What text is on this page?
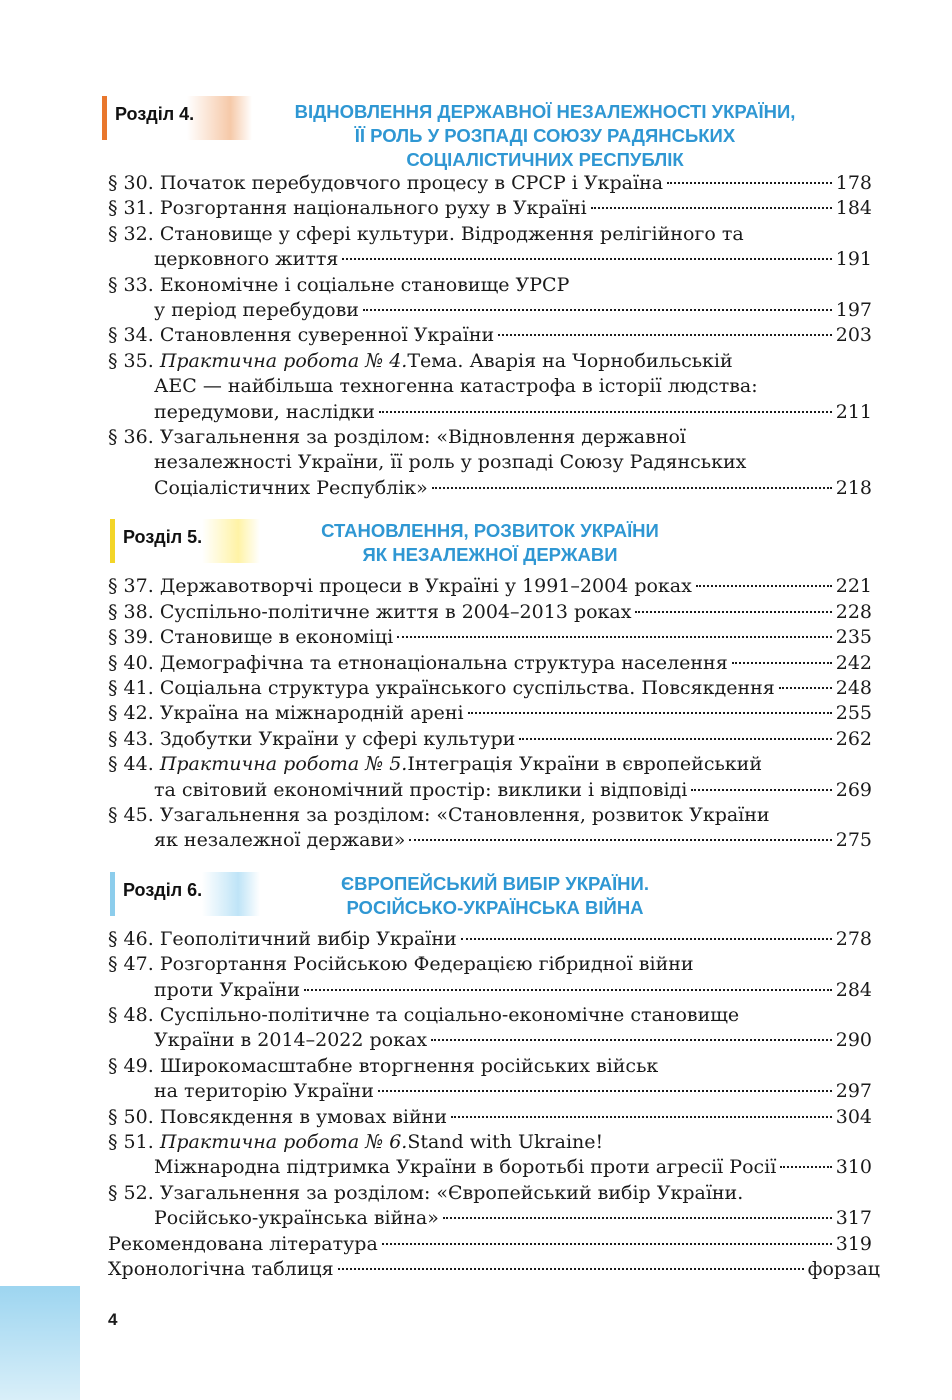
4
Розділ 4.	ВІДНОВЛЕННЯ ДЕРЖАВНОЇ НЕЗАЛЕЖНОСТІ УКРАЇНИ,
ЇЇ РОЛЬ У РОЗПАДІ СОЮЗУ РАДЯНСЬКИХ
СОЦІАЛІСТИЧНИХ РЕСПУБЛІК
§ 30.
Початок перебудовчого процесу в СРСР і Україна	178
§ 31.
Розгортання національного руху в Україні	184
§ 32.
Становище у сфері культури. Відродження релігійного та
церковного життя	191
§ 33.
Економічне і соціальне становище УРСР
у період перебудови	197
§ 34.
Становлення суверенної України	203
§ 35.
Практична робота № 4. Тема. Аварія на Чорнобильській
АЕС — найбільша техногенна катастрофа в історії людства:
передумови, наслідки	211
§ 36.
Узагальнення за розділом: «Відновлення державної
незалежності України, її роль у розпаді Союзу Радянських
Соціалістичних Республік»	218
Розділ 5.	СТАНОВЛЕННЯ, РОЗВИТОК УКРАЇНИ
ЯК НЕЗАЛЕЖНОЇ ДЕРЖАВИ
§ 37.
Державотворчі процеси в Україні у 1991–2004 роках	221
§ 38.
Суспільно-політичне життя в 2004–2013 роках	228
§ 39.
Становище в економіці	235
§ 40.
Демографічна та етнонаціональна структура населення	242
§ 41.
Соціальна структура українського суспільства. Повсякдення	248
§ 42.
Україна на міжнародній арені	255
§ 43.
Здобутки України у сфері культури	262
§ 44.
Практична робота № 5. Інтеграція України в європейський
та світовий економічний простір: виклики і відповіді	269
§ 45.
Узагальнення за розділом: «Становлення, розвиток України
як незалежної держави»	275
Розділ 6.	ЄВРОПЕЙСЬКИЙ ВИБІР УКРАЇНИ.
РОСІЙСЬКО-УКРАЇНСЬКА ВІЙНА
§ 46.
Геополітичний вибір України	278
§ 47.
Розгортання Російською Федерацією гібридної війни
проти України	284
§ 48.
Суспільно-політичне та соціально-економічне становище
України в 2014–2022 роках	290
§ 49.
Широкомасштабне вторгнення російських військ
на територію України	297
§ 50.
Повсякдення в умовах війни	304
§ 51.
Практична робота № 6. Stand with Ukraine!
Міжнародна підтримка України в боротьбі проти агресії Росії	310
§ 52.
Узагальнення за розділом: «Європейський вибір України.
Російсько-українська війна»	317
Рекомендована література	319
Хронологічна таблиця	форзац
